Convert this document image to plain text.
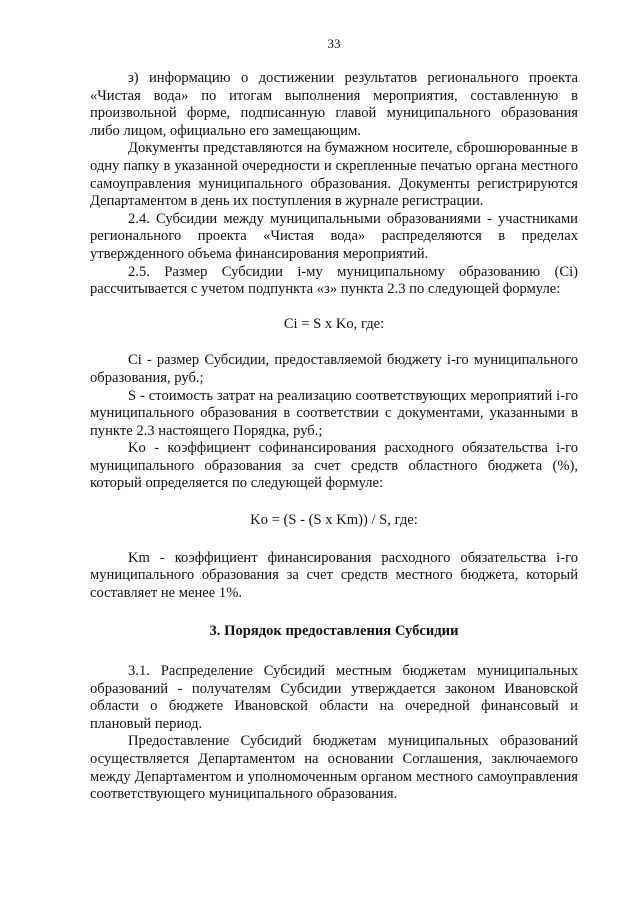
33

з) информацию о достижении результатов регионального проекта «Чистая вода» по итогам выполнения мероприятия, составленную в произвольной форме, подписанную главой муниципального образования либо лицом, официально его замещающим.

Документы представляются на бумажном носителе, сброшюрованные в одну папку в указанной очередности и скрепленные печатью органа местного самоуправления муниципального образования. Документы регистрируются Департаментом в день их поступления в журнале регистрации.

2.4. Субсидии между муниципальными образованиями - участниками регионального проекта «Чистая вода» распределяются в пределах утвержденного объема финансирования мероприятий.

2.5. Размер Субсидии i-му муниципальному образованию (Ci) рассчитывается с учетом подпункта «з» пункта 2.3 по следующей формуле:

Ci = S x Ko, где:

Ci - размер Субсидии, предоставляемой бюджету i-го муниципального образования, руб.;

S - стоимость затрат на реализацию соответствующих мероприятий i-го муниципального образования в соответствии с документами, указанными в пункте 2.3 настоящего Порядка, руб.;

Ko - коэффициент софинансирования расходного обязательства i-го муниципального образования за счет средств областного бюджета (%), который определяется по следующей формуле:

Ko = (S - (S x Km)) / S, где:

Km - коэффициент финансирования расходного обязательства i-го муниципального образования за счет средств местного бюджета, который составляет не менее 1%.

3. Порядок предоставления Субсидии

3.1. Распределение Субсидий местным бюджетам муниципальных образований - получателям Субсидии утверждается законом Ивановской области о бюджете Ивановской области на очередной финансовый и плановый период.

Предоставление Субсидий бюджетам муниципальных образований осуществляется Департаментом на основании Соглашения, заключаемого между Департаментом и уполномоченным органом местного самоуправления соответствующего муниципального образования.
